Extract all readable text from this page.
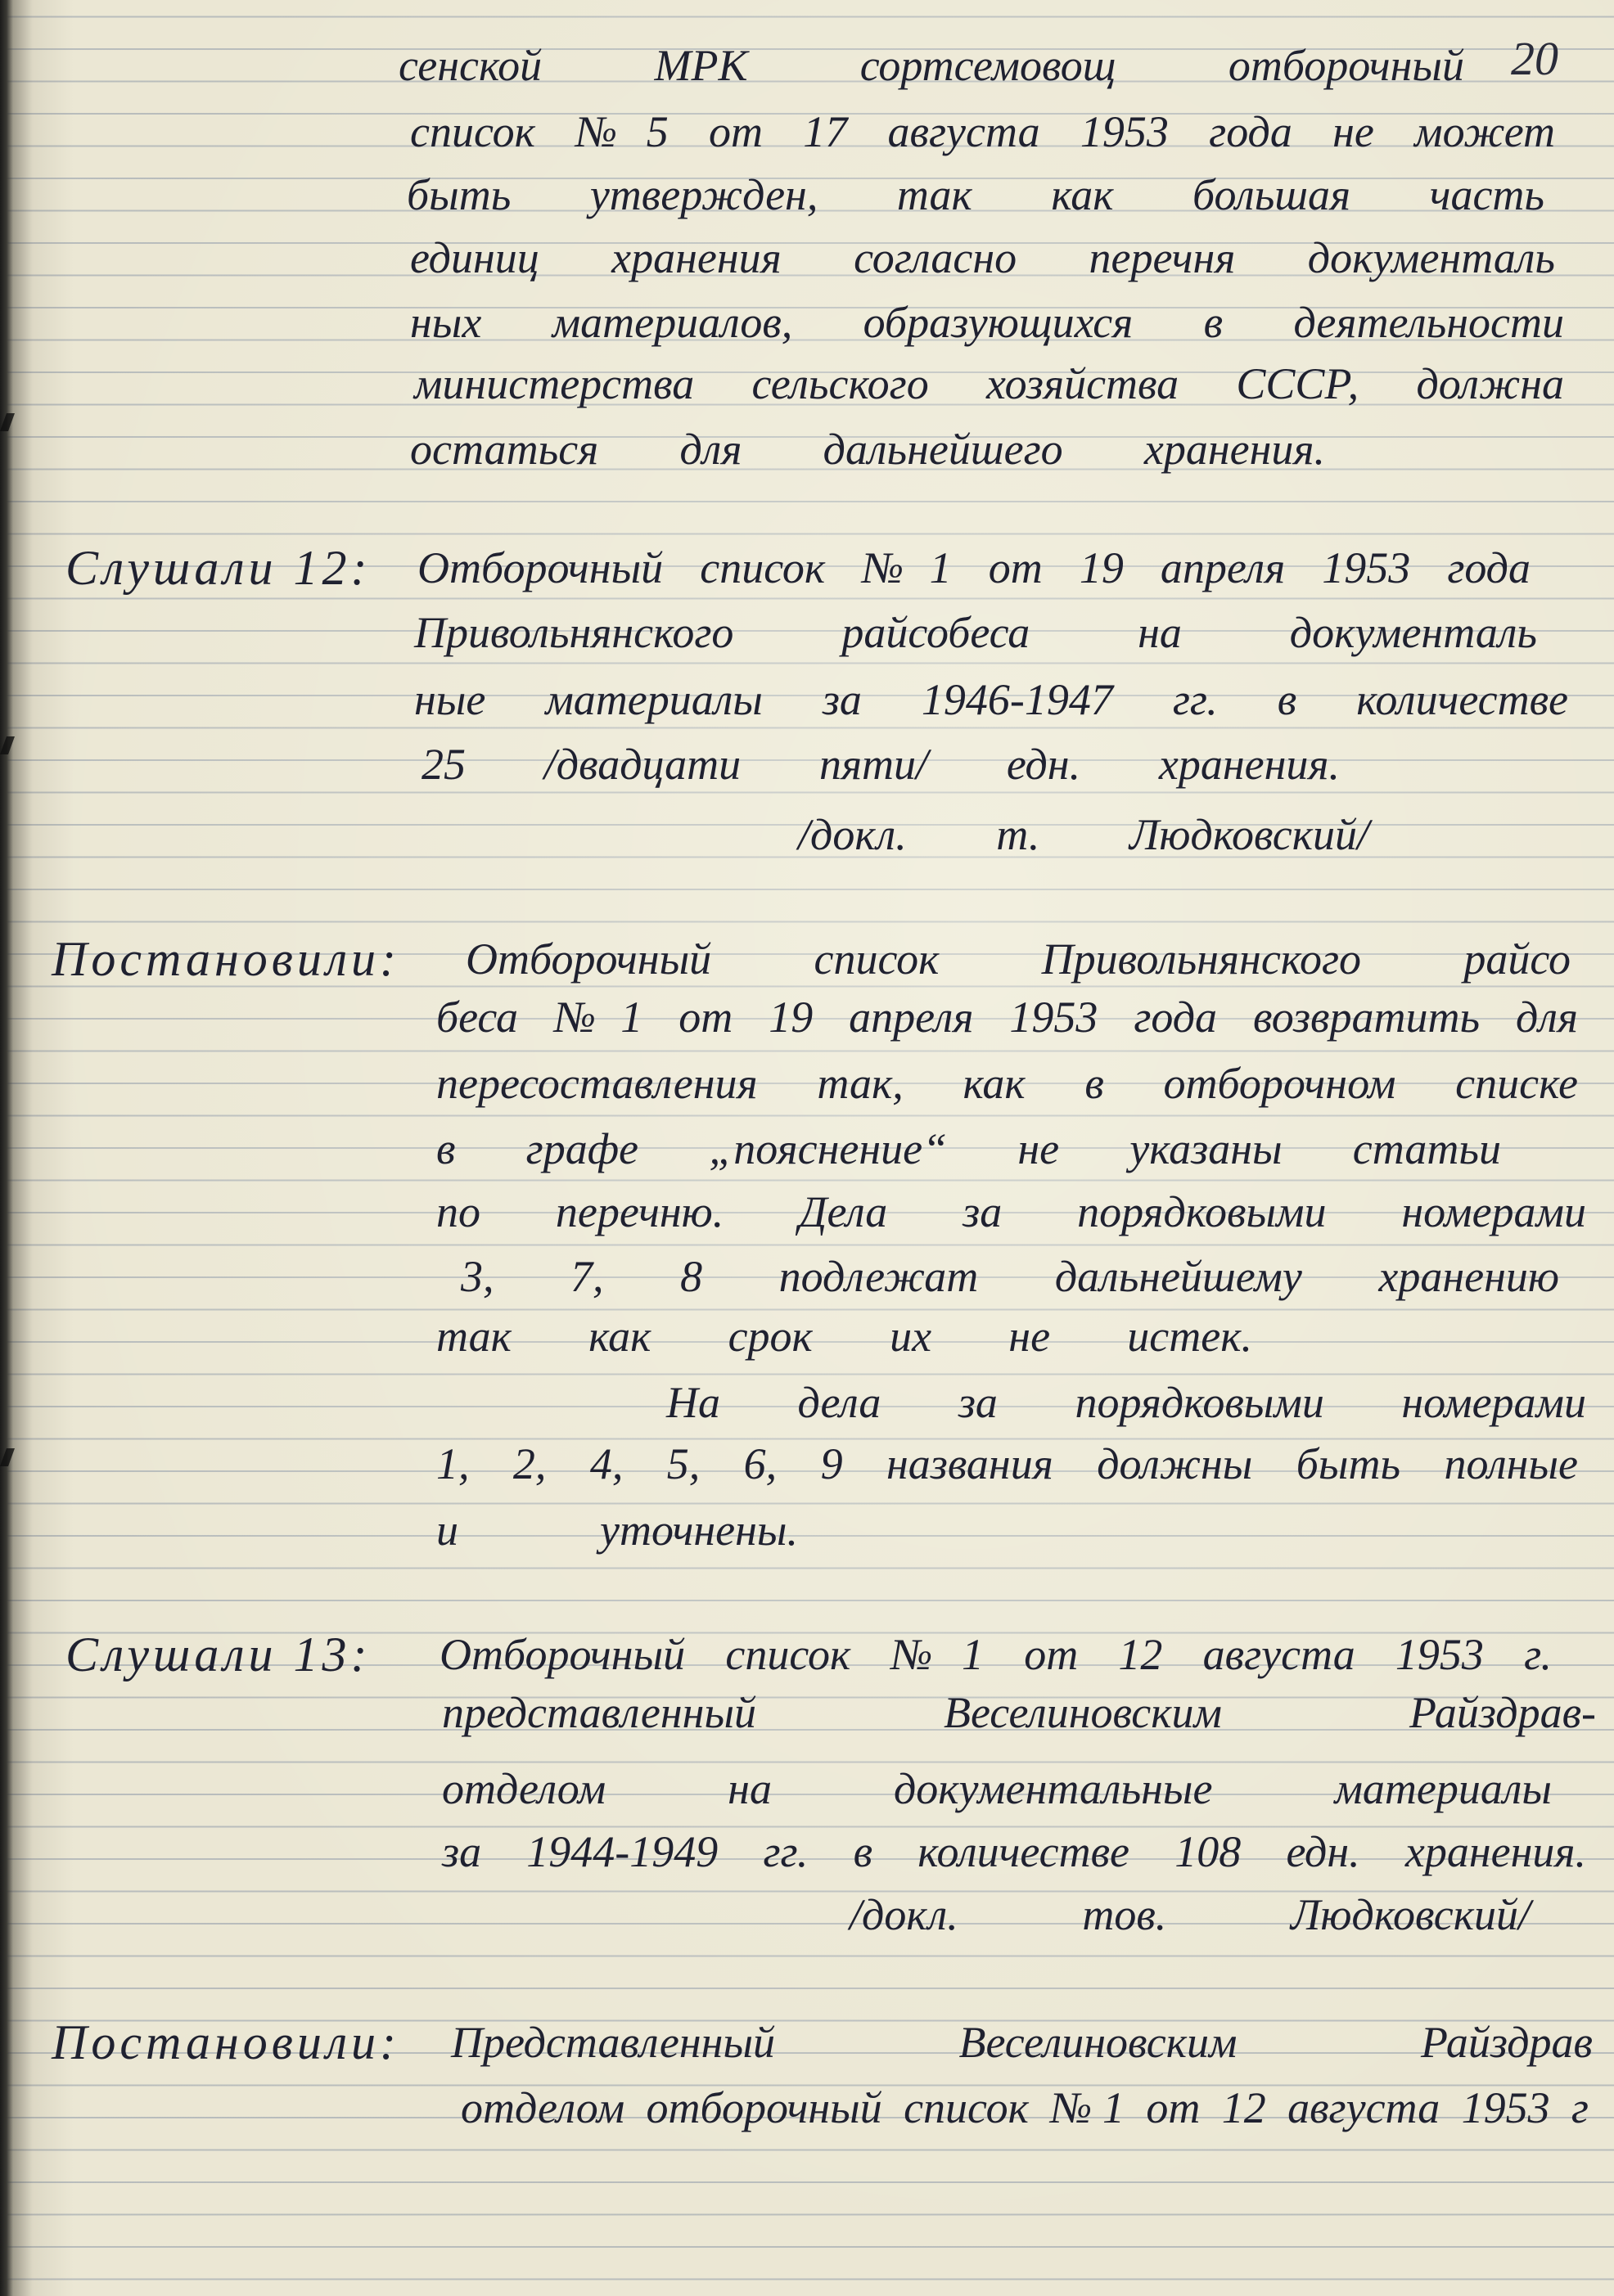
20
сенской МРК сортсемовощ отборочный
список №5 от 17 августа 1953 года не может
быть утвержден, так как большая часть
единиц хранения согласно перечня документаль
ных материалов, образующихся в деятельности
министерства сельского хозяйства СССР, должна
остаться для дальнейшего хранения.
Слушали 12: Отборочный список №1 от 19 апреля 1953 года
Привольнянского райсобеса на документаль
ные материалы за 1946-1947 гг. в количестве
25 /двадцати пяти/ едн. хранения.
/докл. т. Людковский/
Постановили: Отборочный список Привольнянского райсо
беса №1 от 19 апреля 1953 года возвратить для
пересоставления так, как в отборочном списке
в графе „пояснение“ не указаны статьи
по перечню. Дела за порядковыми номерами
3, 7, 8 подлежат дальнейшему хранению
так как срок их не истек.
На дела за порядковыми номерами
1, 2, 4, 5, 6, 9 названия должны быть полные
и уточнены.
Слушали 13: Отборочный список №1 от 12 августа 1953 г.
представленный Веселиновским Райздрав-
отделом на документальные материалы
за 1944-1949 гг. в количестве 108 едн. хранения.
/докл. тов. Людковский/
Постановили: Представленный Веселиновским Райздрав
отделом отборочный список №1 от 12 августа 1953 г
